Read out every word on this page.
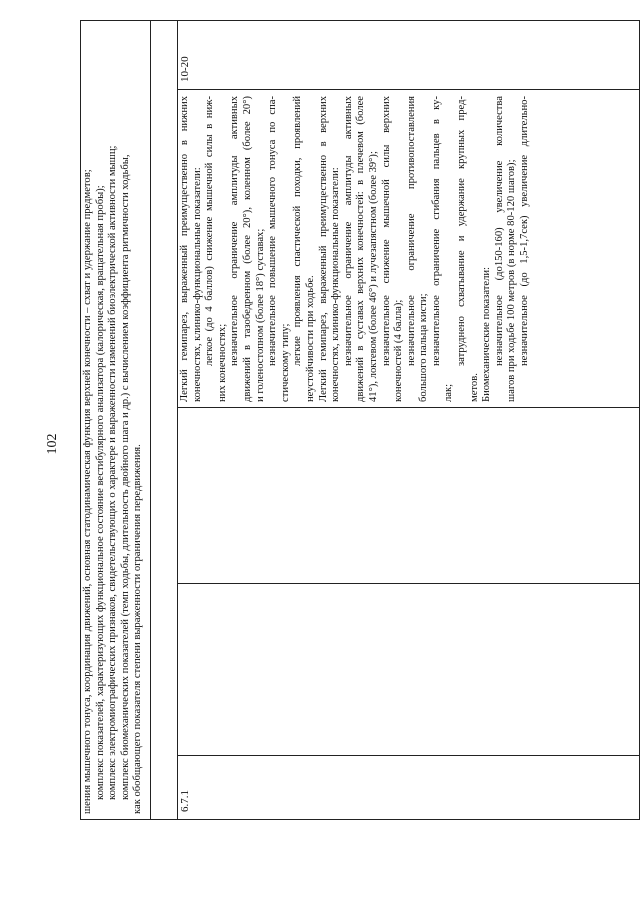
102 шения мышечного тонуса, координация движений, основная статодинамическая функция верхней конечности – схват и удержание предметов; комплекс показателей, характеризующих функциональное состояние вестибулярного анализатора (калорическая, вращательная пробы); комплекс электромиографических признаков, свидетельствующих о характере и выраженности изменений биоэлектрической активности мышц; комплекс биомеханических показателей (темп ходьбы, длительность двойного шага и др.) с вычислением коэффициента ритмичности ходьбы, как обобщающего показателя степени выраженности ограничения передвижения.	6.7.1
Легкий гемипарез, выраженный преимущественно в нижних конечностях, клинико-функциональные показатели: легкое (до 4 баллов) снижение мышечной силы в ниж- них конечностях; незначительное ограничение амплитуды активных движений в тазобедренном (более 20°), коленном (более 20°) и голеностопном (более 18°) суставах; незначительное повышение мышечного тонуса по спа- стическому типу; легкие проявления спастической походки, проявлений неустойчивости при ходьбе. Легкий гемипарез, выраженный преимущественно в верхних конечностях, клинико-функциональные показатели: незначительное ограничение амплитуды активных движений в суставах верхних конечностей: в плечевом (более 41°), локтевом (более 46°) и лучезапястном (более 39°); незначительное снижение мышечной силы верхних конечностей (4 балла); незначительное ограничение противопоставления большого пальца кисти; незначительное ограничение сгибания пальцев в ку-
лак;
затруднено схватывание и удержание крупных пред-
метов. Биомеханические показатели: незначительное (до150-160) увеличение количества шагов при ходьбе 100 метров (в норме 80-120 шагов); незначительное (до 1,5-1,7сек) увеличение длительно-
10-20
